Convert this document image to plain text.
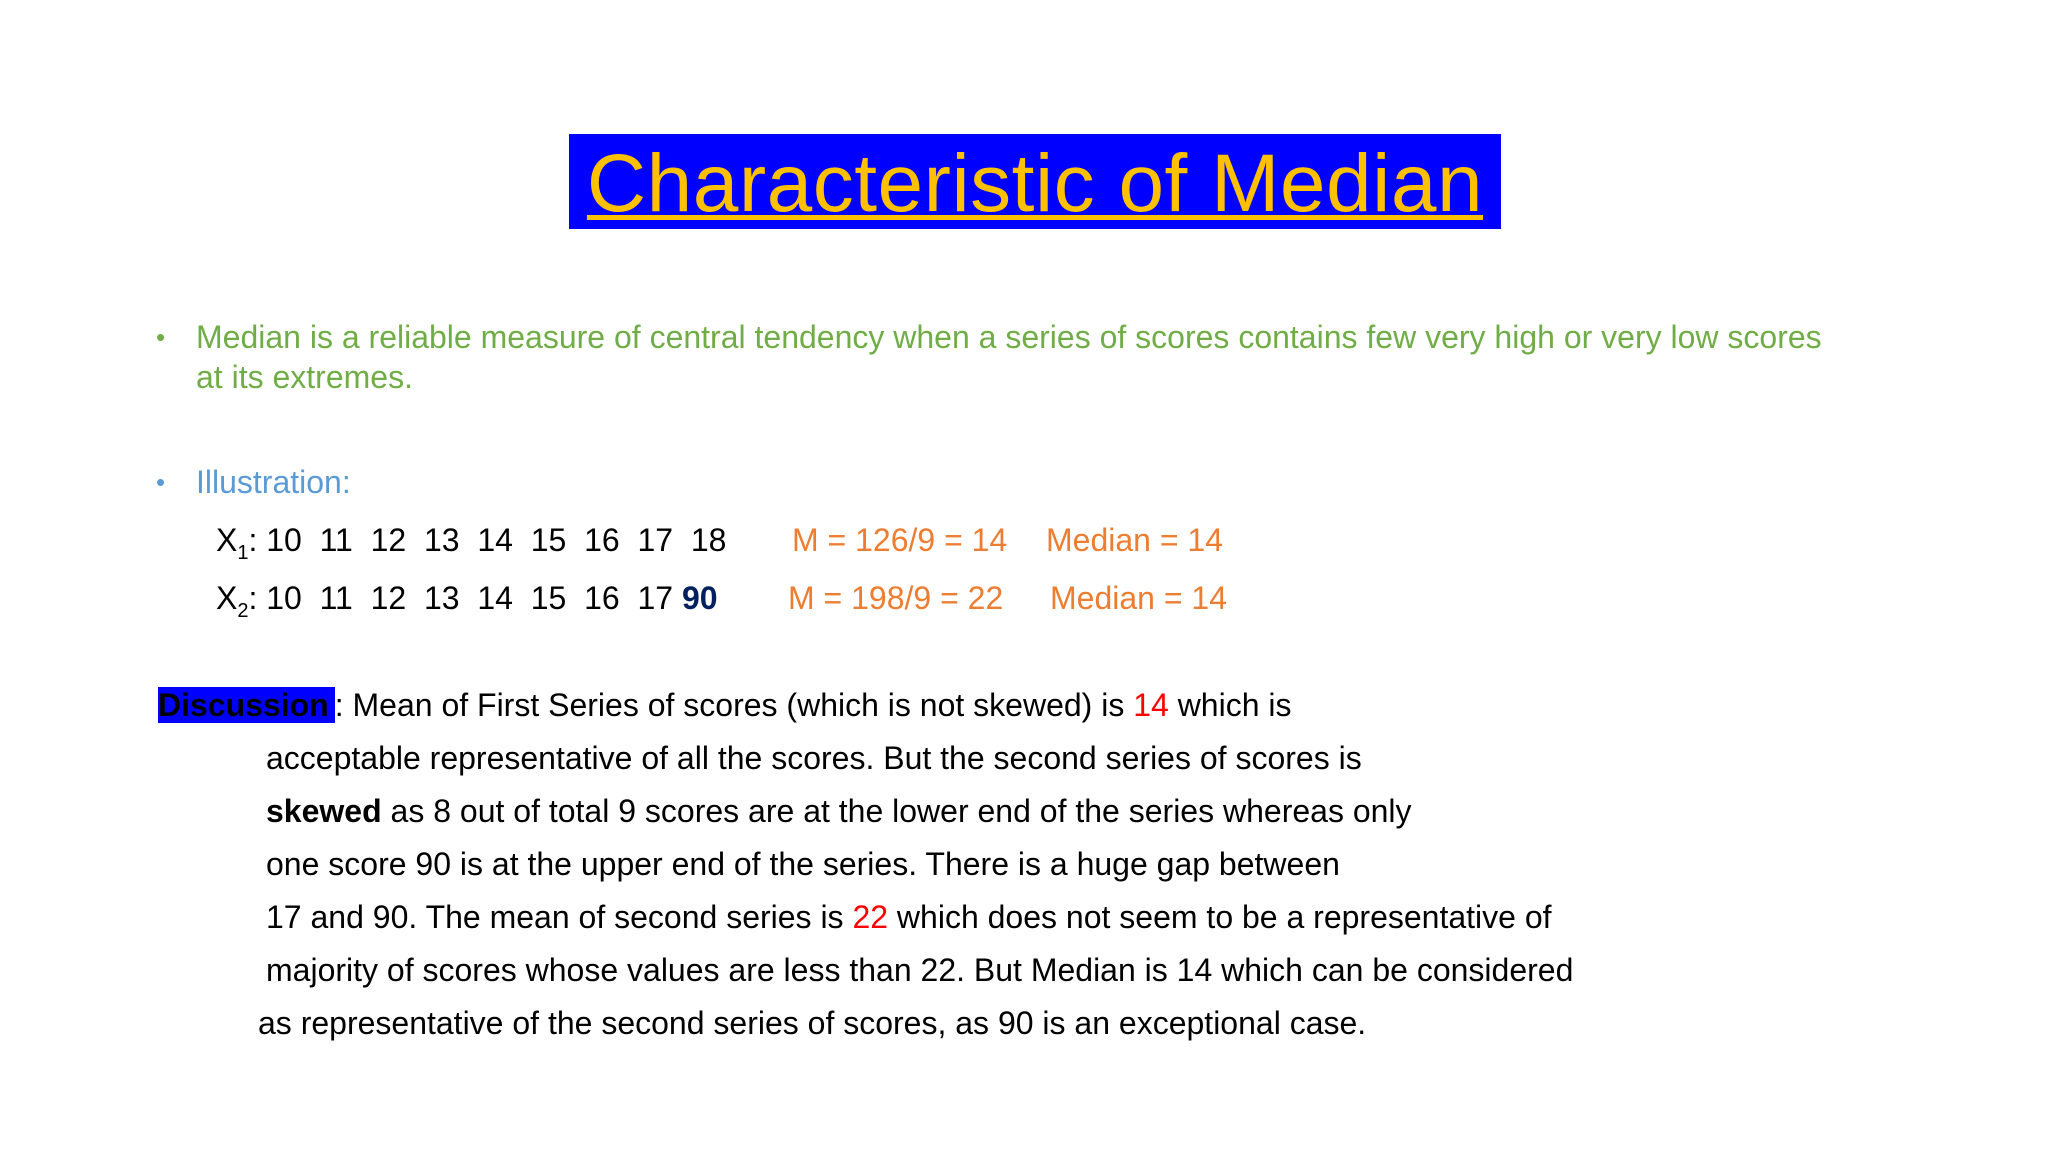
Characteristic of Median
• Median is a reliable measure of central tendency when a series of scores contains few very high or very low scores
at its extremes.
• Illustration:
$X_1$: 10  11  12  13  14  15  16  17  18 M = 126/9 = 14 Median = 14
$X_2$: 10  11  12  13  14  15  16  17 90 M = 198/9 = 22 Median = 14
Discussion : Mean of First Series of scores (which is not skewed) is 14 which is
acceptable representative of all the scores. But the second series of scores is
skewed as 8 out of total 9 scores are at the lower end of the series whereas only
one score 90 is at the upper end of the series. There is a huge gap between
17 and 90. The mean of second series is 22 which does not seem to be a representative of
majority of scores whose values are less than 22. But Median is 14 which can be considered
as representative of the second series of scores, as 90 is an exceptional case.
